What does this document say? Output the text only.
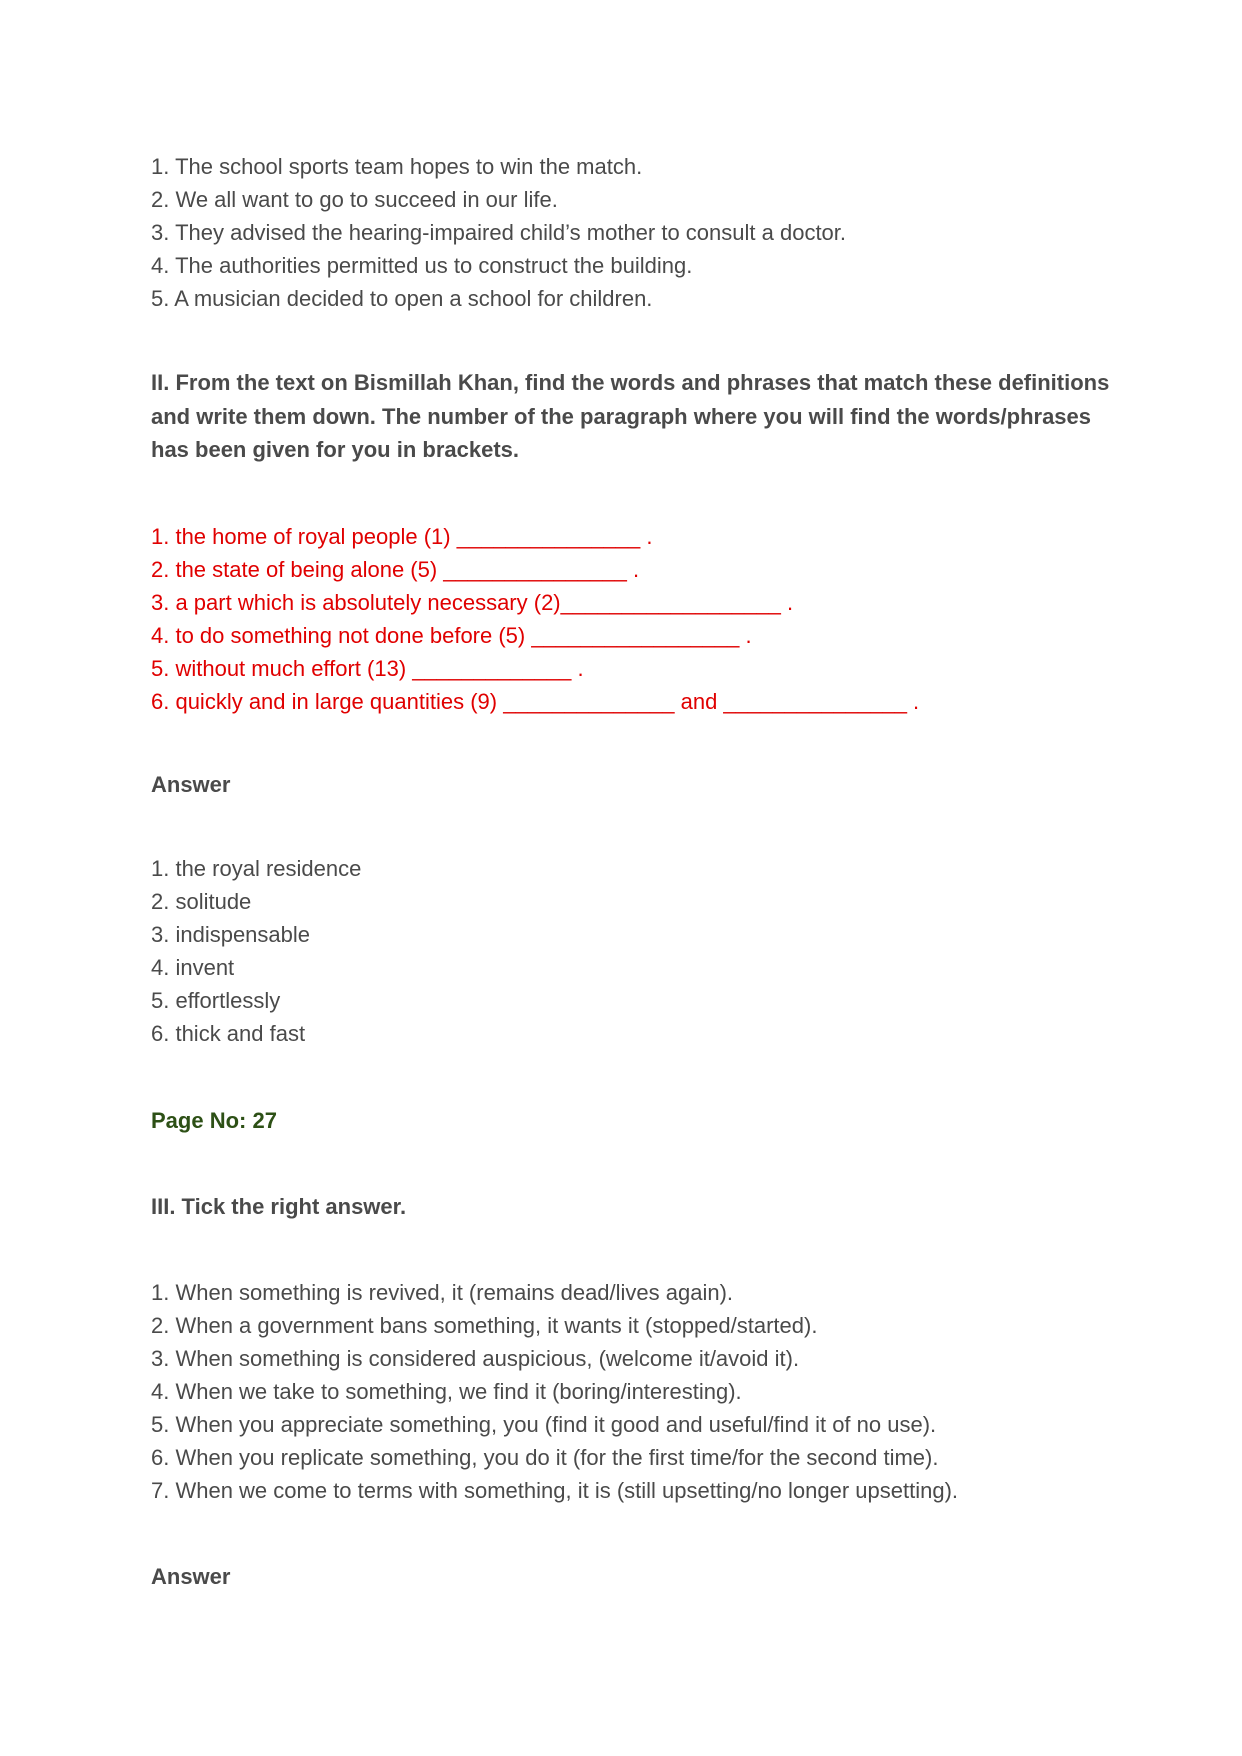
1. The school sports team hopes to win the match.
2. We all want to go to succeed in our life.
3. They advised the hearing-impaired child’s mother to consult a doctor.
4. The authorities permitted us to construct the building.
5. A musician decided to open a school for children.
II. From the text on Bismillah Khan, find the words and phrases that match these definitions and write them down. The number of the paragraph where you will find the words/phrases has been given for you in brackets.
1. the home of royal people (1) _______________ .
2. the state of being alone (5) _______________ .
3. a part which is absolutely necessary (2)__________________ .
4. to do something not done before (5) _________________ .
5. without much effort (13) _____________ .
6. quickly and in large quantities (9) ______________ and _______________ .
Answer
1. the royal residence
2. solitude
3. indispensable
4. invent
5. effortlessly
6. thick and fast
Page No: 27
III. Tick the right answer.
1. When something is revived, it (remains dead/lives again).
2. When a government bans something, it wants it (stopped/started).
3. When something is considered auspicious, (welcome it/avoid it).
4. When we take to something, we find it (boring/interesting).
5. When you appreciate something, you (find it good and useful/find it of no use).
6. When you replicate something, you do it (for the first time/for the second time).
7. When we come to terms with something, it is (still upsetting/no longer upsetting).
Answer
